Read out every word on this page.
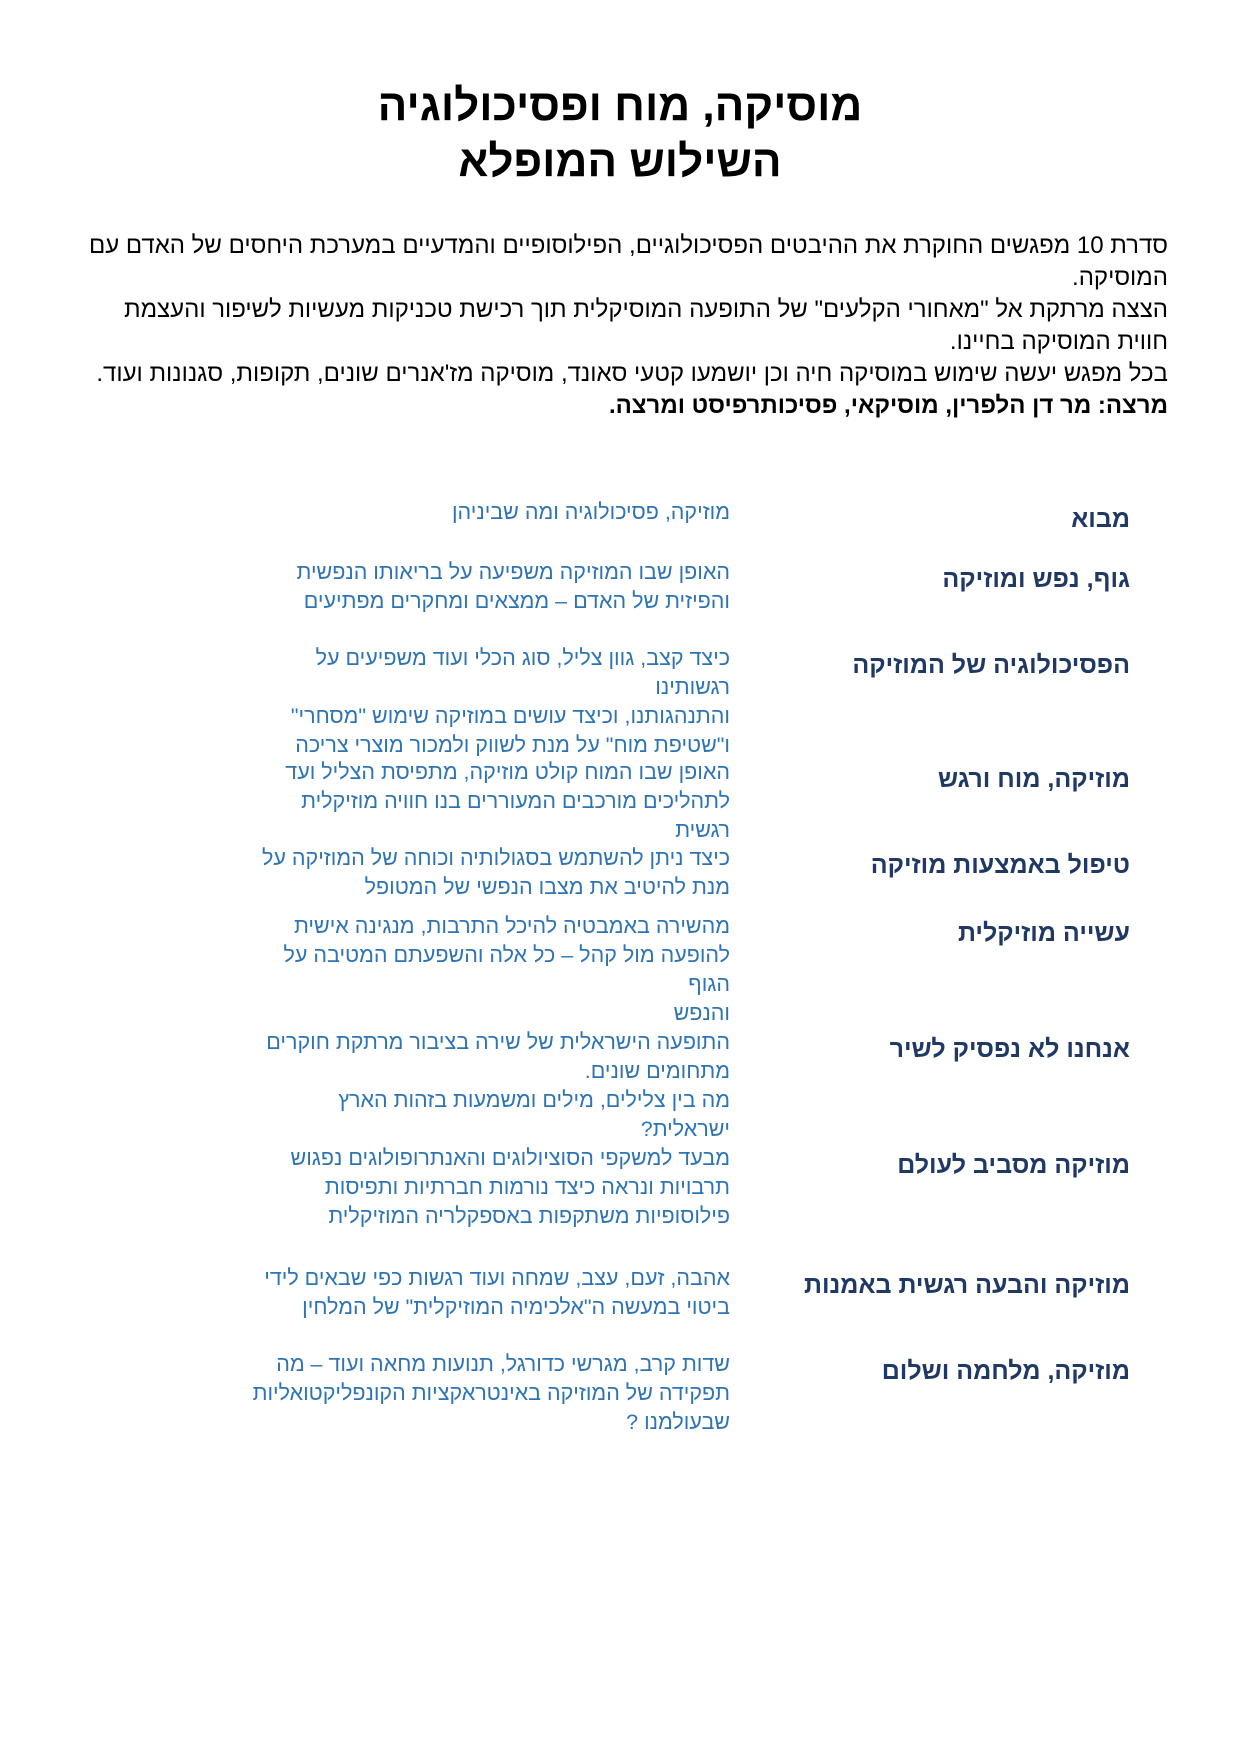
מוסיקה, מוח ופסיכולוגיה
השילוש המופלא

סדרת 10 מפגשים החוקרת את ההיבטים הפסיכולוגיים, הפילוסופיים והמדעיים במערכת היחסים של האדם עם המוסיקה.

הצצה מרתקת אל "מאחורי הקלעים" של התופעה המוסיקלית תוך רכישת טכניקות מעשיות לשיפור והעצמת חווית המוסיקה בחיינו.

בכל מפגש יעשה שימוש במוסיקה חיה וכן יושמעו קטעי סאונד, מוסיקה מז'אנרים שונים, תקופות, סגנונות ועוד.

מרצה: מר דן הלפרין, מוסיקאי, פסיכותרפיסט ומרצה.

מבוא
מוזיקה, פסיכולוגיה ומה שביניהן
גוף, נפש ומוזיקה
האופן שבו המוזיקה משפיעה על בריאותו הנפשית
והפיזית של האדם – ממצאים ומחקרים מפתיעים
הפסיכולוגיה של המוזיקה
כיצד קצב, גוון צליל, סוג הכלי ועוד משפיעים על רגשותינו
והתנהגותנו, וכיצד עושים במוזיקה שימוש "מסחרי"
ו"שטיפת מוח" על מנת לשווק ולמכור מוצרי צריכה
מוזיקה, מוח ורגש
האופן שבו המוח קולט מוזיקה, מתפיסת הצליל ועד
לתהליכים מורכבים המעוררים בנו חוויה מוזיקלית רגשית
טיפול באמצעות מוזיקה
כיצד ניתן להשתמש בסגולותיה וכוחה של המוזיקה על
מנת להיטיב את מצבו הנפשי של המטופל
עשייה מוזיקלית
מהשירה באמבטיה להיכל התרבות, מנגינה אישית
להופעה מול קהל – כל אלה והשפעתם המטיבה על הגוף
והנפש
אנחנו לא נפסיק לשיר
התופעה הישראלית של שירה בציבור מרתקת חוקרים
מתחומים שונים.
מה בין צלילים, מילים ומשמעות בזהות הארץ ישראלית?
מוזיקה מסביב לעולם
מבעד למשקפי הסוציולוגים והאנתרופולוגים נפגוש
תרבויות ונראה כיצד נורמות חברתיות ותפיסות
פילוסופיות משתקפות באספקלריה המוזיקלית
מוזיקה והבעה רגשית באמנות
אהבה, זעם, עצב, שמחה ועוד רגשות כפי שבאים לידי
ביטוי במעשה ה"אלכימיה המוזיקלית" של המלחין
מוזיקה, מלחמה ושלום
שדות קרב, מגרשי כדורגל, תנועות מחאה ועוד – מה
תפקידה של המוזיקה באינטראקציות הקונפליקטואליות
שבעולמנו ?
